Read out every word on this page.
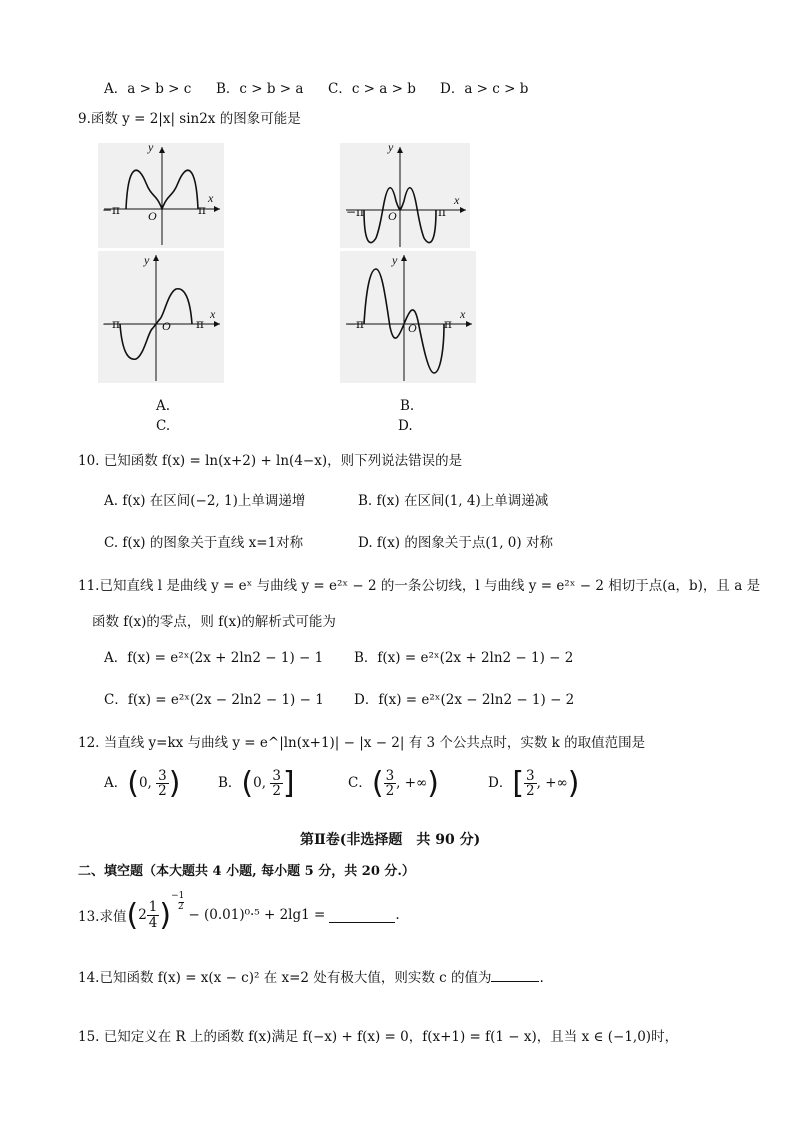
A．a > b > c B．c > b > a C．c > a > b D．a > c > b
9.函数 y = 2|x| sin2x 的图象可能是
y
x
O
−π	π
y
x
O
−π	π
y
x
O
−π	π
y
x
O
−π	π
A.	B.
C.	D.
10. 已知函数 f(x) = ln(x+2) + ln(4−x)，则下列说法错误的是
A. f(x) 在区间(−2, 1)上单调递增	B. f(x) 在区间(1, 4)上单调递减
C. f(x) 的图象关于直线 x=1对称	D. f(x) 的图象关于点(1, 0) 对称
11.已知直线 l 是曲线 y = eˣ 与曲线 y = e²ˣ − 2 的一条公切线，l 与曲线 y = e²ˣ − 2 相切于点(a，b)，且 a 是
函数 f(x)的零点，则 f(x)的解析式可能为
A．f(x) = e²ˣ(2x + 2ln2 − 1) − 1 B．f(x) = e²ˣ(2x + 2ln2 − 1) − 2
C．f(x) = e²ˣ(2x − 2ln2 − 1) − 1 D．f(x) = e²ˣ(2x − 2ln2 − 1) − 2
12. 当直线 y=kx 与曲线 y = e^|ln(x+1)| − |x − 2| 有 3 个公共点时，实数 k 的取值范围是
A．(0, $\frac{3}{2}$ )	B．(0, $\frac{3}{2}$ ]	C．( $\frac{3}{2}$ , +∞)	D．[ $\frac{3}{2}$ , +∞)
第Ⅱ卷(非选择题　共 90 分)
二、填空题（本大题共 4 小题, 每小题 5 分，共 20 分.）
13.求值 ( $2 \frac{1}{4}$ )
−1
2
− (0.01)⁰·⁵ + 2lg1 =	.
14.已知函数 f(x) = x(x − c)² 在 x=2 处有极大值，则实数 c 的值为	.
15. 已知定义在 R 上的函数 f(x)满足 f(−x) + f(x) = 0，f(x+1) = f(1 − x)，且当 x ∈ (−1,0)时，
